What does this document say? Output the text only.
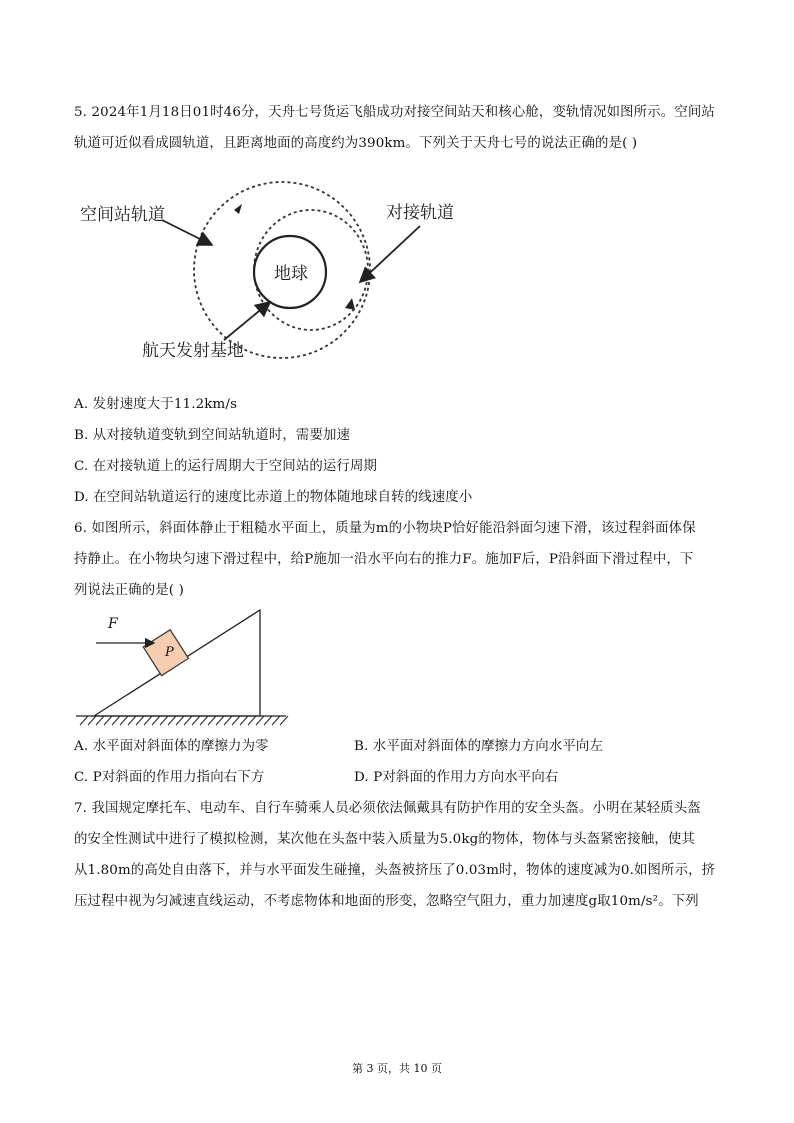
5. 2024年1月18日01时46分，天舟七号货运飞船成功对接空间站天和核心舱，变轨情况如图所示。空间站
轨道可近似看成圆轨道，且距离地面的高度约为390km。下列关于天舟七号的说法正确的是( )
地球
空间站轨道	对接轨道
航天发射基地
A. 发射速度大于11.2km/s
B. 从对接轨道变轨到空间站轨道时，需要加速
C. 在对接轨道上的运行周期大于空间站的运行周期
D. 在空间站轨道运行的速度比赤道上的物体随地球自转的线速度小
6. 如图所示，斜面体静止于粗糙水平面上，质量为m的小物块P恰好能沿斜面匀速下滑，该过程斜面体保
持静止。在小物块匀速下滑过程中，给P施加一沿水平向右的推力F。施加F后，P沿斜面下滑过程中，下
列说法正确的是( )
P
F
A. 水平面对斜面体的摩擦力为零	B. 水平面对斜面体的摩擦力方向水平向左
C. P对斜面的作用力指向右下方	D. P对斜面的作用力方向水平向右
7. 我国规定摩托车、电动车、自行车骑乘人员必须依法佩戴具有防护作用的安全头盔。小明在某轻质头盔
的安全性测试中进行了模拟检测，某次他在头盔中装入质量为5.0kg的物体，物体与头盔紧密接触，使其
从1.80m的高处自由落下，并与水平面发生碰撞，头盔被挤压了0.03m时，物体的速度减为0.如图所示，挤
压过程中视为匀减速直线运动，不考虑物体和地面的形变，忽略空气阻力，重力加速度g取10m/s²。下列
第 3 页，共 10 页
